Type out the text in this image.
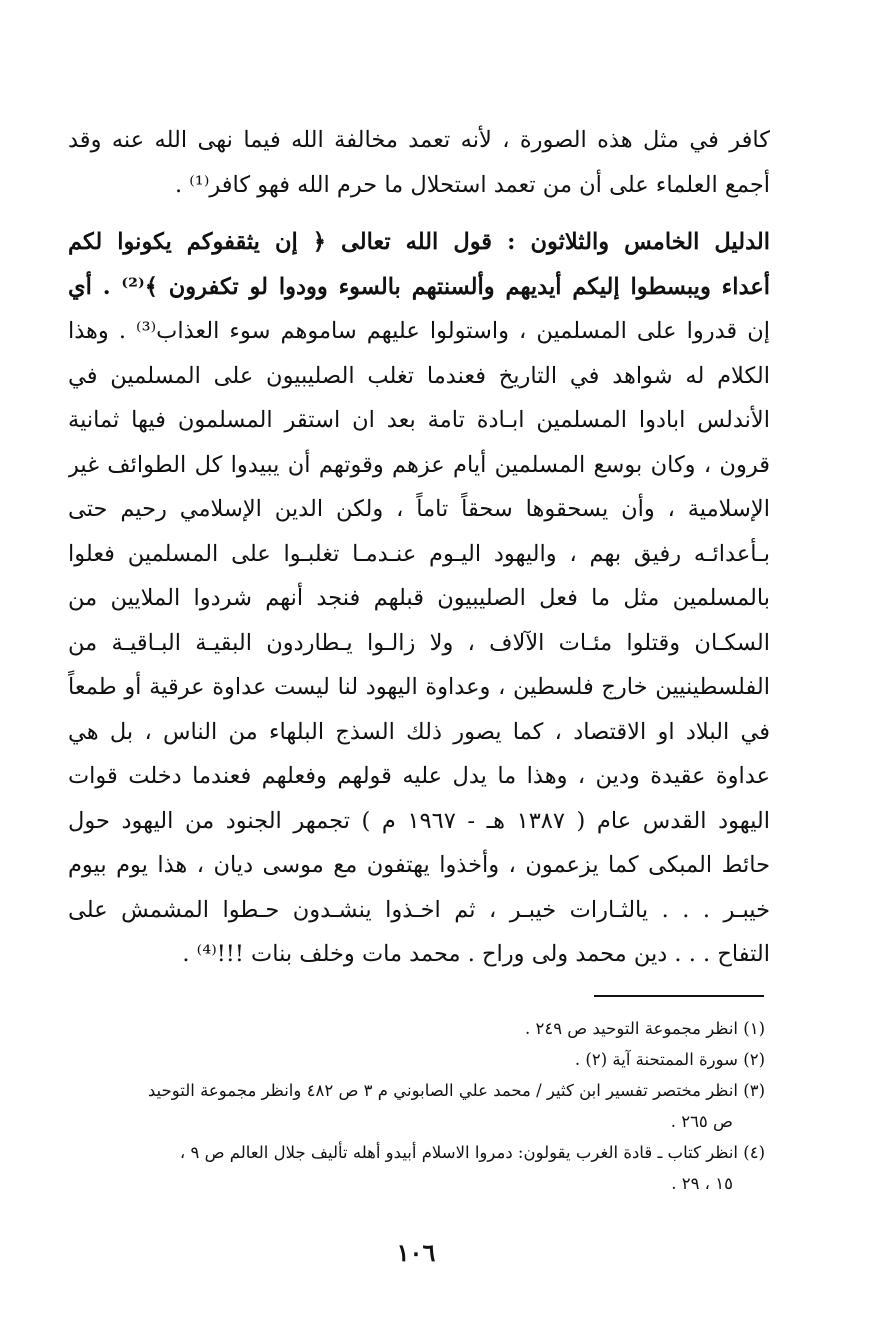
كافر في مثل هذه الصورة ، لأنه تعمد مخالفة الله فيما نهى الله عنه وقد
أجمع العلماء على أن من تعمد استحلال ما حرم الله فهو كافر⁽¹⁾ .
الدليل الخامس والثلاثون : قول الله تعالى ﴿ إن يثقفوكم يكونوا لكم
أعداء ويبسطوا إليكم أيديهم وألسنتهم بالسوء وودوا لو تكفرون ﴾⁽²⁾ . أي
إن قدروا على المسلمين ، واستولوا عليهم ساموهم سوء العذاب⁽³⁾ . وهذا
الكلام له شواهد في التاريخ فعندما تغلب الصليبيون على المسلمين في
الأندلس ابادوا المسلمين ابـادة تامة بعد ان استقر المسلمون فيها ثمانية
قرون ، وكان بوسع المسلمين أيام عزهم وقوتهم أن يبيدوا كل الطوائف غير
الإسلامية ، وأن يسحقوها سحقاً تاماً ، ولكن الدين الإسلامي رحيم حتى
بـأعدائـه رفيق بهم ، واليهود اليـوم عنـدمـا تغلبـوا على المسلمين فعلوا
بالمسلمين مثل ما فعل الصليبيون قبلهم فنجد أنهم شردوا الملايين من
السكـان وقتلوا مئـات الآلاف ، ولا زالـوا يـطاردون البقيـة البـاقيـة من
الفلسطينيين خارج فلسطين ، وعداوة اليهود لنا ليست عداوة عرقية أو طمعاً
في البلاد او الاقتصاد ، كما يصور ذلك السذج البلهاء من الناس ، بل هي
عداوة عقيدة ودين ، وهذا ما يدل عليه قولهم وفعلهم فعندما دخلت قوات
اليهود القدس عام ( ١٣٨٧ هـ - ١٩٦٧ م ) تجمهر الجنود من اليهود حول
حائط المبكى كما يزعمون ، وأخذوا يهتفون مع موسى ديان ، هذا يوم بيوم
خيبـر . . . يالثـارات خيبـر ، ثم اخـذوا ينشـدون حـطوا المشمش على
التفاح . . . دين محمد ولى وراح . محمد مات وخلف بنات !!!⁽⁴⁾ .
(١) انظر مجموعة التوحيد ص ٢٤٩ .
(٢) سورة الممتحنة آية (٢) .
(٣) انظر مختصر تفسير ابن كثير / محمد علي الصابوني م ٣ ص ٤٨٢ وانظر مجموعة التوحيد
ص ٢٦٥ .
(٤) انظر كتاب ـ قادة الغرب يقولون: دمروا الاسلام أبيدو أهله تأليف جلال العالم ص ٩ ،
١٥ ، ٢٩ .
١٠٦
